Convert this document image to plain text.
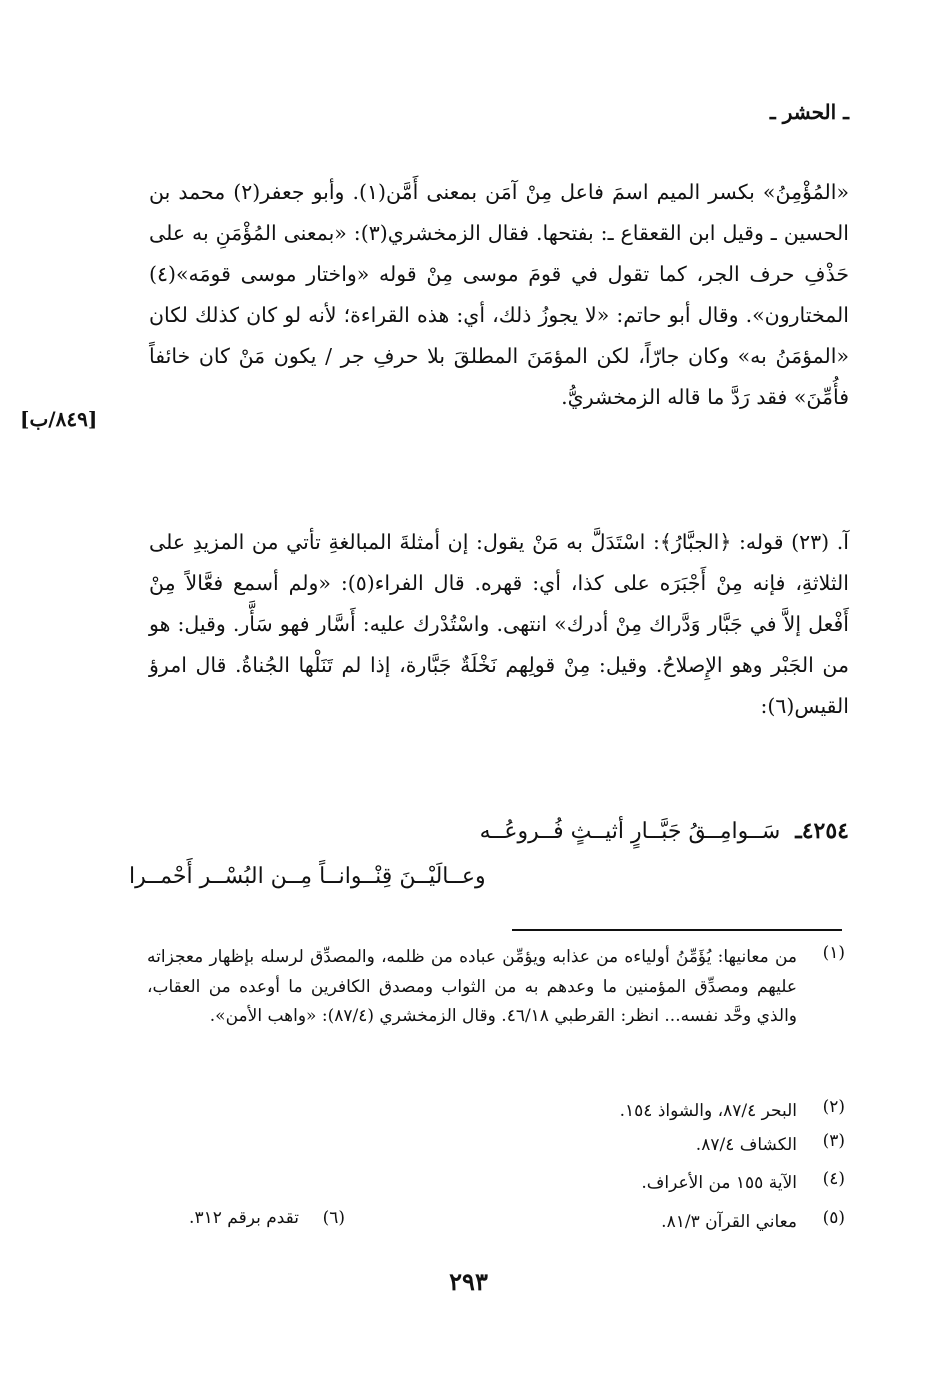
ـ الحشر ـ
«المُؤْمِنُ» بكسر الميم اسمَ فاعل مِنْ آمَن بمعنى أَمَّن(١). وأبو جعفر(٢) محمد بن الحسين ـ وقيل ابن القعقاع ـ: بفتحها. فقال الزمخشري(٣): «بمعنى المُؤْمَنِ به على حَذْفِ حرف الجر، كما تقول في قومَ موسى مِنْ قوله «واختار موسى قومَه»(٤) المختارون». وقال أبو حاتم: «لا يجوزُ ذلك، أي: هذه القراءة؛ لأنه لو كان كذلك لكان «المؤمَنُ به» وكان جارّاً، لكن المؤمَنَ المطلقَ بلا حرفِ جر / يكون مَنْ كان خائفاً فأُمِّنَ» فقد رَدَّ ما قاله الزمخشريُّ.
[٨٤٩/ب]
آ. (٢٣) قوله: ﴿الجبَّارُ﴾: اسْتَدَلَّ به مَنْ يقول: إن أمثلةَ المبالغةِ تأتي من المزيدِ على الثلاثةِ، فإنه مِنْ أَجْبَرَه على كذا، أي: قهره. قال الفراء(٥): «ولم أسمع فعَّالاً مِنْ أَفْعل إلاَّ في جَبَّار وَدَّراك مِنْ أدرك» انتهى. واسْتُدْرك عليه: أَسَّار فهو سَأَّر. وقيل: هو من الجَبْر وهو الإِصلاحُ. وقيل: مِنْ قولِهم نَخْلَةٌ جَبَّارة، إذا لم تَنَلْها الجُناةُ. قال امرؤ القيس(٦):
٤٢٥٤ـ سَــوامِــقُ جَبَّــارٍ أثيــثٍ فُــروعُــه
وعــالَيْــنَ قِنْــوانــاً مِــن البُسْــر أَحْمــرا
(١)
من معانيها: يُؤَمِّنُ أولياءه من عذابه ويؤمِّن عباده من ظلمه، والمصدِّق لرسله بإظهار معجزاته عليهم ومصدِّق المؤمنين ما وعدهم به من الثواب ومصدق الكافرين ما أوعده من العقاب، والذي وحَّد نفسه... انظر: القرطبي ٤٦/١٨. وقال الزمخشري (٨٧/٤): «واهب الأمن».
(٢)
البحر ٨٧/٤، والشواذ ١٥٤.
(٣)
الكشاف ٨٧/٤.
(٤)
الآية ١٥٥ من الأعراف.
(٥)
معاني القرآن ٨١/٣.
(٦)
تقدم برقم ٣١٢.
٢٩٣
